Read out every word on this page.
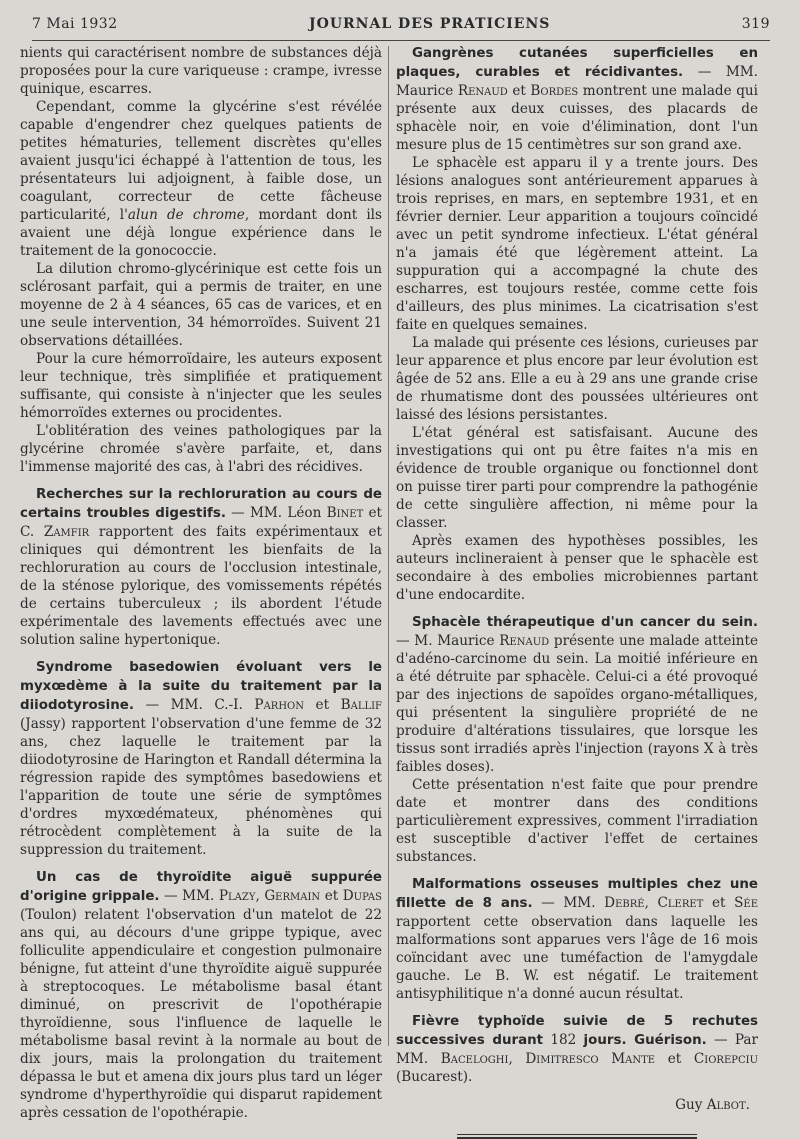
7 Mai 1932	JOURNAL DES PRATICIENS	319

nients qui caractérisent nombre de substances déjà proposées pour la cure variqueuse : crampe, ivresse quinique, escarres.

Cependant, comme la glycérine s'est révélée capable d'engendrer chez quelques patients de petites hématuries, tellement discrètes qu'elles avaient jusqu'ici échappé à l'attention de tous, les présentateurs lui adjoignent, à faible dose, un coagulant, correcteur de cette fâcheuse particularité, l'alun de chrome, mordant dont ils avaient une déjà longue expérience dans le traitement de la gonococcie.

La dilution chromo-glycérinique est cette fois un sclérosant parfait, qui a permis de traiter, en une moyenne de 2 à 4 séances, 65 cas de varices, et en une seule intervention, 34 hémorroïdes. Suivent 21 observations détaillées.

Pour la cure hémorroïdaire, les auteurs exposent leur technique, très simplifiée et pratiquement suffisante, qui consiste à n'injecter que les seules hémorroïdes externes ou procidentes.

L'oblitération des veines pathologiques par la glycérine chromée s'avère parfaite, et, dans l'immense majorité des cas, à l'abri des récidives.

Recherches sur la rechloruration au cours de certains troubles digestifs. — MM. Léon Binet et C. Zamfir rapportent des faits expérimentaux et cliniques qui démontrent les bienfaits de la rechloruration au cours de l'occlusion intestinale, de la sténose pylorique, des vomissements répétés de certains tuberculeux ; ils abordent l'étude expérimentale des lavements effectués avec une solution saline hypertonique.

Syndrome basedowien évoluant vers le myxœdème à la suite du traitement par la diiodotyrosine. — MM. C.-I. Parhon et Ballif (Jassy) rapportent l'observation d'une femme de 32 ans, chez laquelle le traitement par la diiodotyrosine de Harington et Randall détermina la régression rapide des symptômes basedowiens et l'apparition de toute une série de symptômes d'ordres myxœdémateux, phénomènes qui rétrocèdent complètement à la suite de la suppression du traitement.

Un cas de thyroïdite aiguë suppurée d'origine grippale. — MM. Plazy, Germain et Dupas (Toulon) relatent l'observation d'un matelot de 22 ans qui, au décours d'une grippe typique, avec folliculite appendiculaire et congestion pulmonaire bénigne, fut atteint d'une thyroïdite aiguë suppurée à streptocoques. Le métabolisme basal étant diminué, on prescrivit de l'opothérapie thyroïdienne, sous l'influence de laquelle le métabolisme basal revint à la normale au bout de dix jours, mais la prolongation du traitement dépassa le but et amena dix jours plus tard un léger syndrome d'hyperthyroïdie qui disparut rapidement après cessation de l'opothérapie.

Gangrènes cutanées superficielles en plaques, curables et récidivantes. — MM. Maurice Renaud et Bordes montrent une malade qui présente aux deux cuisses, des placards de sphacèle noir, en voie d'élimination, dont l'un mesure plus de 15 centimètres sur son grand axe.

Le sphacèle est apparu il y a trente jours. Des lésions analogues sont antérieurement apparues à trois reprises, en mars, en septembre 1931, et en février dernier. Leur apparition a toujours coïncidé avec un petit syndrome infectieux. L'état général n'a jamais été que légèrement atteint. La suppuration qui a accompagné la chute des escharres, est toujours restée, comme cette fois d'ailleurs, des plus minimes. La cicatrisation s'est faite en quelques semaines.

La malade qui présente ces lésions, curieuses par leur apparence et plus encore par leur évolution est âgée de 52 ans. Elle a eu à 29 ans une grande crise de rhumatisme dont des poussées ultérieures ont laissé des lésions persistantes.

L'état général est satisfaisant. Aucune des investigations qui ont pu être faites n'a mis en évidence de trouble organique ou fonctionnel dont on puisse tirer parti pour comprendre la pathogénie de cette singulière affection, ni même pour la classer.

Après examen des hypothèses possibles, les auteurs inclineraient à penser que le sphacèle est secondaire à des embolies microbiennes partant d'une endocardite.

Sphacèle thérapeutique d'un cancer du sein. — M. Maurice Renaud présente une malade atteinte d'adéno-carcinome du sein. La moitié inférieure en a été détruite par sphacèle. Celui-ci a été provoqué par des injections de sapoïdes organo-métalliques, qui présentent la singulière propriété de ne produire d'altérations tissulaires, que lorsque les tissus sont irradiés après l'injection (rayons X à très faibles doses).

Cette présentation n'est faite que pour prendre date et montrer dans des conditions particulièrement expressives, comment l'irradiation est susceptible d'activer l'effet de certaines substances.

Malformations osseuses multiples chez une fillette de 8 ans. — MM. Debré, Cleret et Sée rapportent cette observation dans laquelle les malformations sont apparues vers l'âge de 16 mois coïncidant avec une tuméfaction de l'amygdale gauche. Le B. W. est négatif. Le traitement antisyphilitique n'a donné aucun résultat.

Fièvre typhoïde suivie de 5 rechutes successives durant 182 jours. Guérison. — Par MM. Baceloghi, Dimitresco Mante et Ciorepciu (Bucarest).

Guy Albot.
